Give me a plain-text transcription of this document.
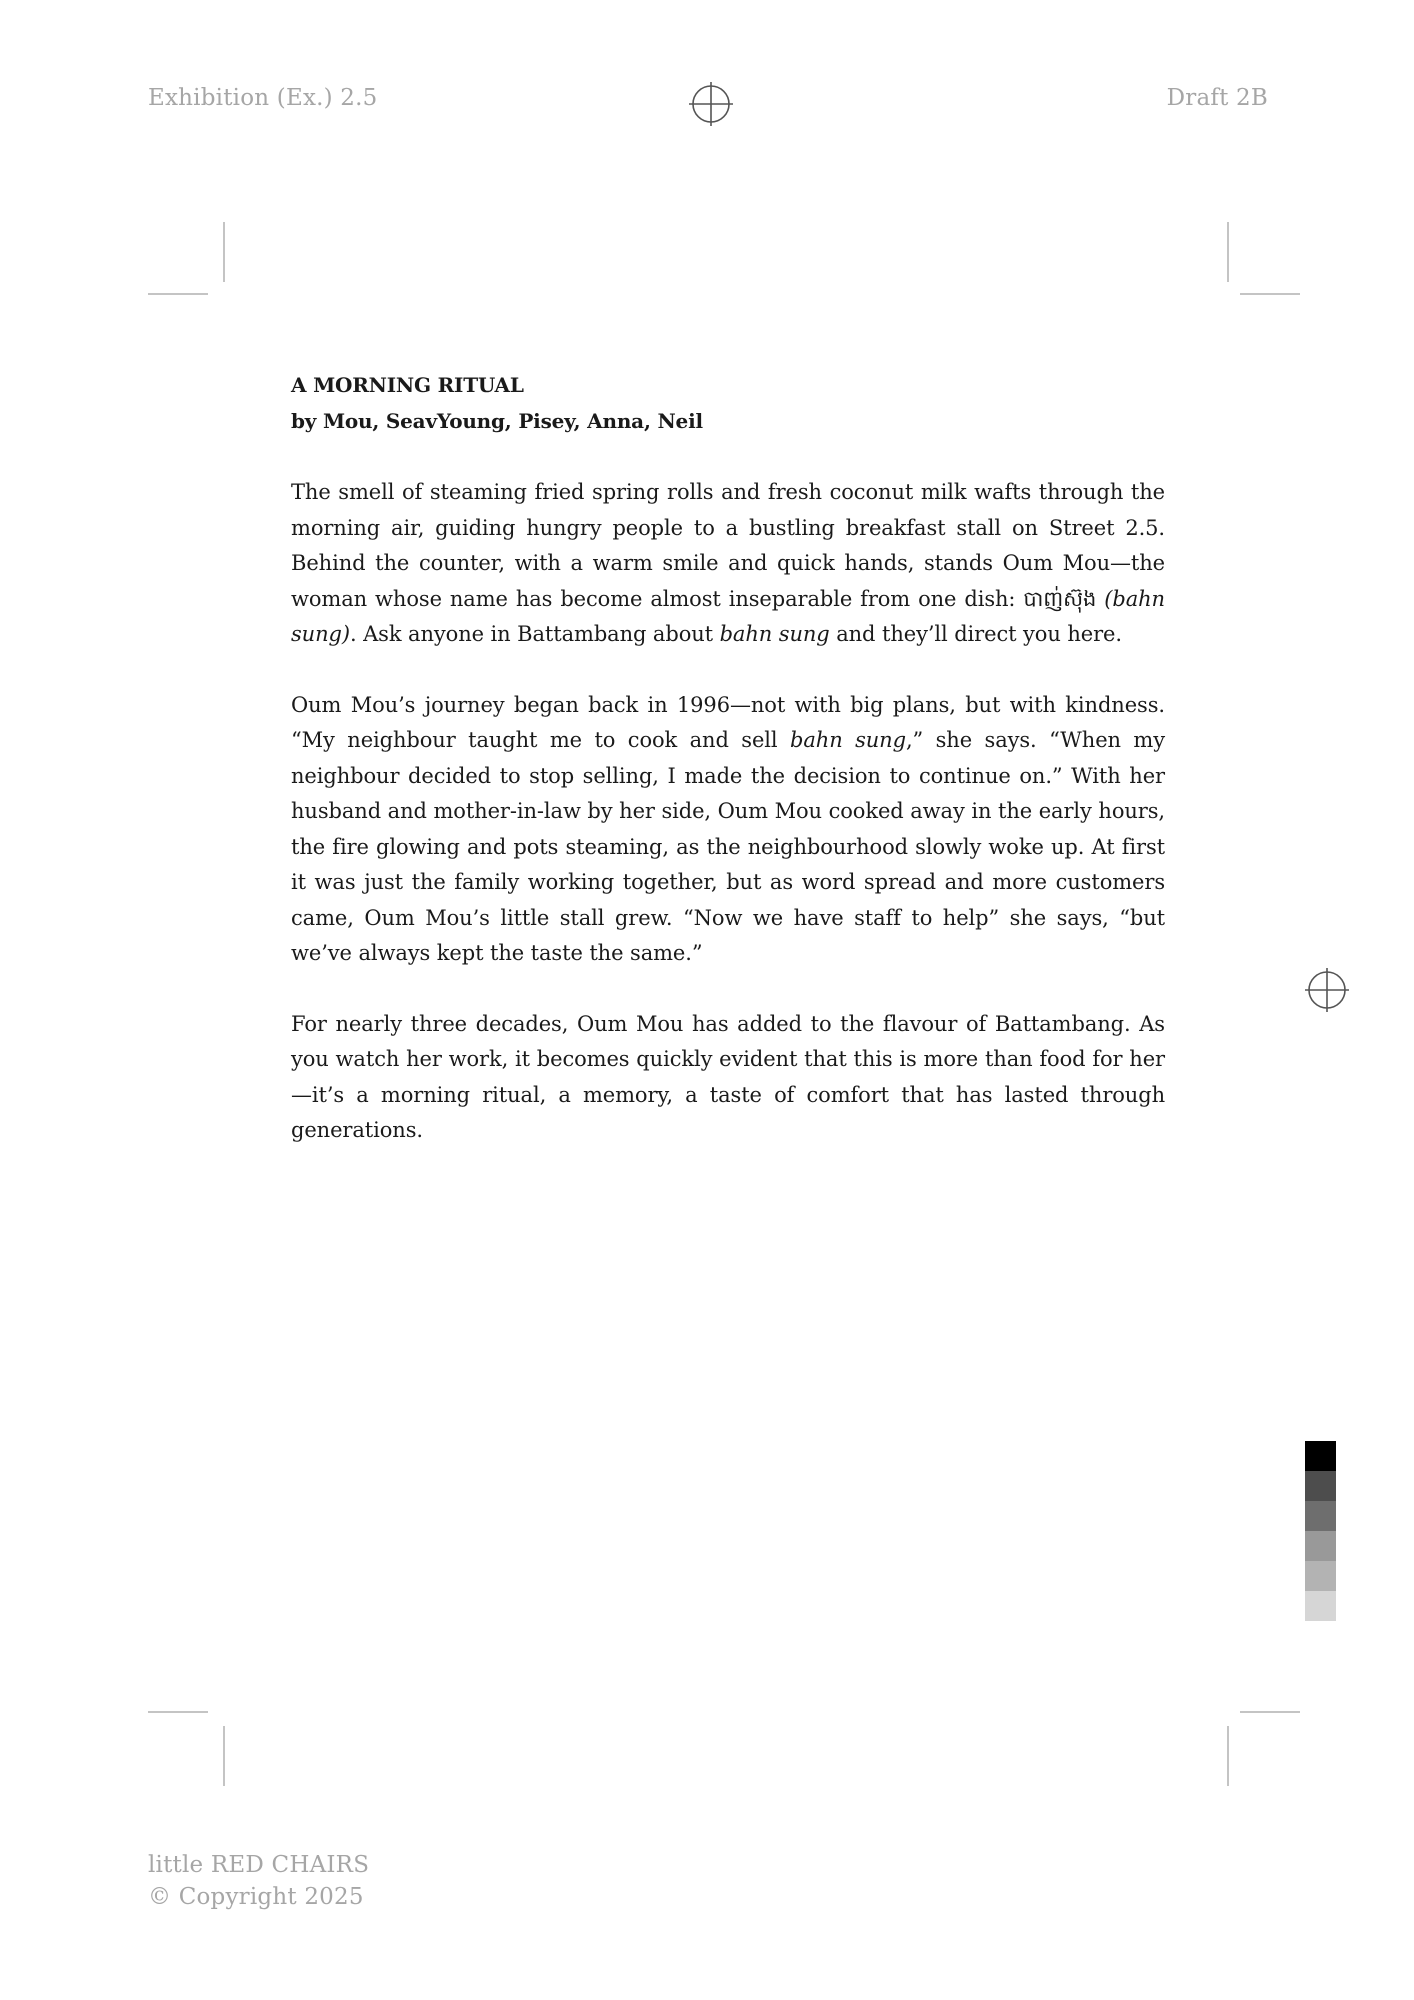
Exhibition (Ex.) 2.5	Draft 2B
A MORNING RITUAL

by Mou, SeavYoung, Pisey, Anna, Neil

The smell of steaming fried spring rolls and fresh coconut milk wafts through the morning air, guiding hungry people to a bustling breakfast stall on Street 2.5. Behind the counter, with a warm smile and quick hands, stands Oum Mou—the woman whose name has become almost inseparable from one dish: បាញ់ស៊ុង (bahn sung). Ask anyone in Battambang about bahn sung and they’ll direct you here.

Oum Mou’s journey began back in 1996—not with big plans, but with kindness. “My neighbour taught me to cook and sell bahn sung,” she says. “When my neighbour decided to stop selling, I made the decision to continue on.” With her husband and mother-in-law by her side, Oum Mou cooked away in the early hours, the fire glowing and pots steaming, as the neighbourhood slowly woke up. At first it was just the family working together, but as word spread and more customers came, Oum Mou’s little stall grew. “Now we have staff to help” she says, “but we’ve always kept the taste the same.”

For nearly three decades, Oum Mou has added to the flavour of Battambang. As you watch her work, it becomes quickly evident that this is more than food for her—it’s a morning ritual, a memory, a taste of comfort that has lasted through generations.

little RED CHAIRS
© Copyright 2025
